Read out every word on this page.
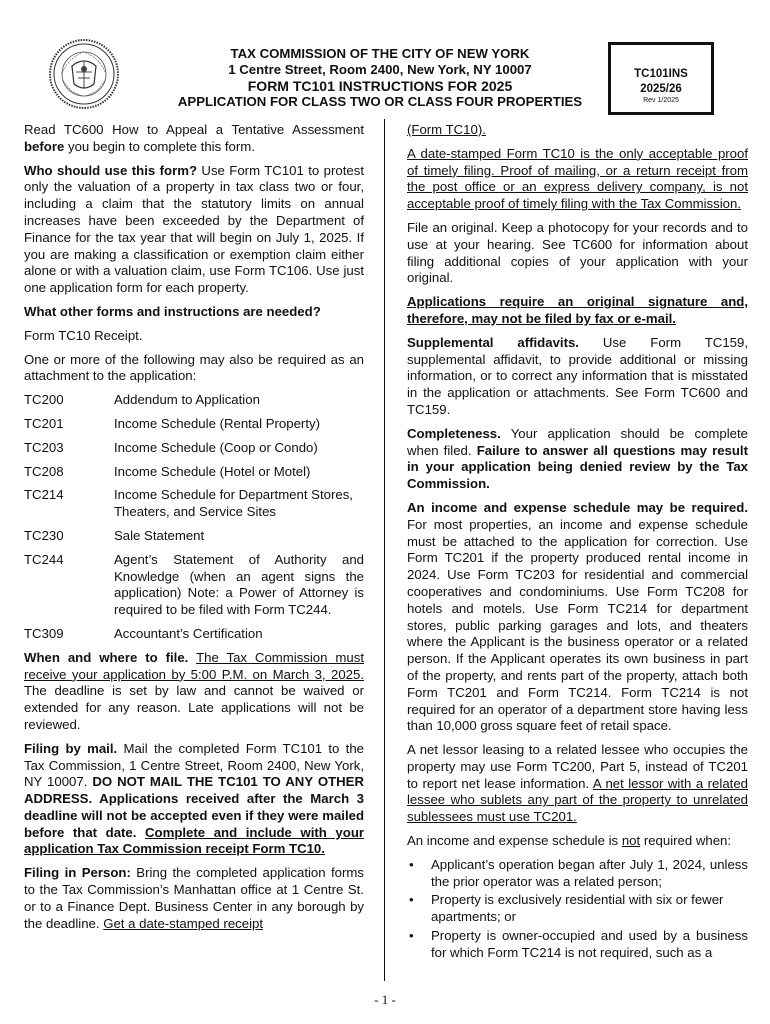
TAX COMMISSION OF THE CITY OF NEW YORK
1 Centre Street, Room 2400, New York, NY 10007
FORM TC101 INSTRUCTIONS FOR 2025
APPLICATION FOR CLASS TWO OR CLASS FOUR PROPERTIES
TC101INS
2025/26
Rev 1/2025

Read TC600 How to Appeal a Tentative Assessment before you begin to complete this form.

Who should use this form? Use Form TC101 to protest only the valuation of a property in tax class two or four, including a claim that the statutory limits on annual increases have been exceeded by the Department of Finance for the tax year that will begin on July 1, 2025. If you are making a classification or exemption claim either alone or with a valuation claim, use Form TC106. Use just one application form for each property.

What other forms and instructions are needed?

Form TC10 Receipt.

One or more of the following may also be required as an attachment to the application:

TC200	Addendum to Application
TC201	Income Schedule (Rental Property)
TC203	Income Schedule (Coop or Condo)
TC208	Income Schedule (Hotel or Motel)
TC214	Income Schedule for Department Stores, Theaters, and Service Sites
TC230	Sale Statement
TC244	Agent’s Statement of Authority and Knowledge (when an agent signs the application) Note: a Power of Attorney is required to be filed with Form TC244.
TC309	Accountant’s Certification

When and where to file. The Tax Commission must receive your application by 5:00 P.M. on March 3, 2025. The deadline is set by law and cannot be waived or extended for any reason. Late applications will not be reviewed.

Filing by mail. Mail the completed Form TC101 to the Tax Commission, 1 Centre Street, Room 2400, New York, NY 10007. DO NOT MAIL THE TC101 TO ANY OTHER ADDRESS. Applications received after the March 3 deadline will not be accepted even if they were mailed before that date. Complete and include with your application Tax Commission receipt Form TC10.

Filing in Person: Bring the completed application forms to the Tax Commission’s Manhattan office at 1 Centre St. or to a Finance Dept. Business Center in any borough by the deadline. Get a date-stamped receipt

(Form TC10).

A date-stamped Form TC10 is the only acceptable proof of timely filing. Proof of mailing, or a return receipt from the post office or an express delivery company, is not acceptable proof of timely filing with the Tax Commission.

File an original. Keep a photocopy for your records and to use at your hearing. See TC600 for information about filing additional copies of your application with your original.

Applications require an original signature and, therefore, may not be filed by fax or e-mail.

Supplemental affidavits. Use Form TC159, supplemental affidavit, to provide additional or missing information, or to correct any information that is misstated in the application or attachments. See Form TC600 and TC159.

Completeness. Your application should be complete when filed. Failure to answer all questions may result in your application being denied review by the Tax Commission.

An income and expense schedule may be required. For most properties, an income and expense schedule must be attached to the application for correction. Use Form TC201 if the property produced rental income in 2024. Use Form TC203 for residential and commercial cooperatives and condominiums. Use Form TC208 for hotels and motels. Use Form TC214 for department stores, public parking garages and lots, and theaters where the Applicant is the business operator or a related person. If the Applicant operates its own business in part of the property, and rents part of the property, attach both Form TC201 and Form TC214. Form TC214 is not required for an operator of a department store having less than 10,000 gross square feet of retail space.

A net lessor leasing to a related lessee who occupies the property may use Form TC200, Part 5, instead of TC201 to report net lease information. A net lessor with a related lessee who sublets any part of the property to unrelated sublessees must use TC201.

An income and expense schedule is not required when:

• Applicant’s operation began after July 1, 2024, unless the prior operator was a related person;
• Property is exclusively residential with six or fewer apartments; or
• Property is owner-occupied and used by a business for which Form TC214 is not required, such as a
- 1 -
